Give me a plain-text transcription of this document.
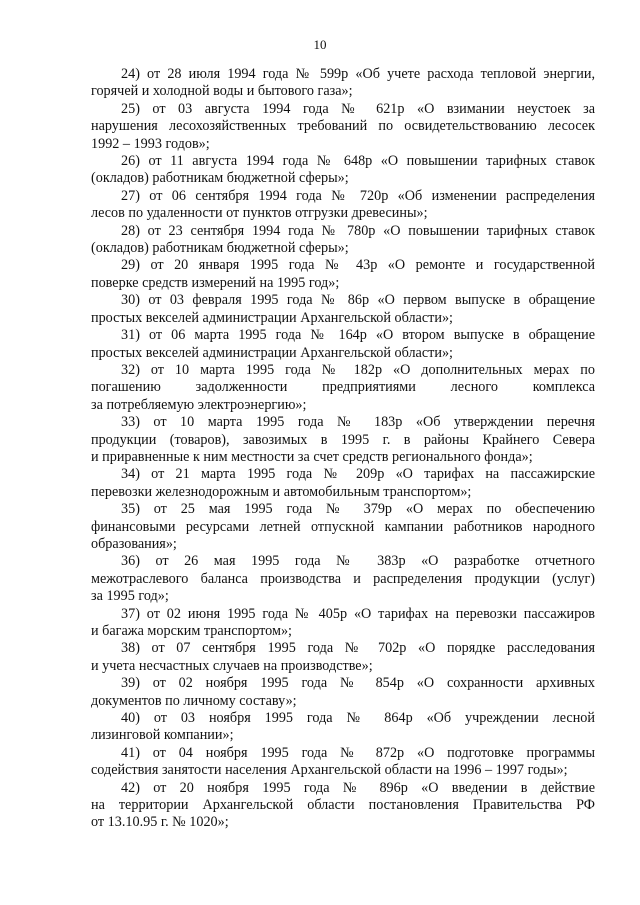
10
24) от 28 июля 1994 года № 599р «Об учете расхода тепловой энергии,
горячей и холодной воды и бытового газа»;
25) от 03 августа 1994 года № 621р «О взимании неустоек за
нарушения лесохозяйственных требований по освидетельствованию лесосек
1992 – 1993 годов»;
26) от 11 августа 1994 года № 648р «О повышении тарифных ставок
(окладов) работникам бюджетной сферы»;
27) от 06 сентября 1994 года № 720р «Об изменении распределения
лесов по удаленности от пунктов отгрузки древесины»;
28) от 23 сентября 1994 года № 780р «О повышении тарифных ставок
(окладов) работникам бюджетной сферы»;
29) от 20 января 1995 года № 43р «О ремонте и государственной
поверке средств измерений на 1995 год»;
30) от 03 февраля 1995 года № 86р «О первом выпуске в обращение
простых векселей администрации Архангельской области»;
31) от 06 марта 1995 года № 164р «О втором выпуске в обращение
простых векселей администрации Архангельской области»;
32) от 10 марта 1995 года № 182р «О дополнительных мерах по
погашению задолженности предприятиями лесного комплекса
за потребляемую электроэнергию»;
33) от 10 марта 1995 года № 183р «Об утверждении перечня
продукции (товаров), завозимых в 1995 г. в районы Крайнего Севера
и приравненные к ним местности за счет средств регионального фонда»;
34) от 21 марта 1995 года № 209р «О тарифах на пассажирские
перевозки железнодорожным и автомобильным транспортом»;
35) от 25 мая 1995 года № 379р «О мерах по обеспечению
финансовыми ресурсами летней отпускной кампании работников народного
образования»;
36) от 26 мая 1995 года № 383р «О разработке отчетного
межотраслевого баланса производства и распределения продукции (услуг)
за 1995 год»;
37) от 02 июня 1995 года № 405р «О тарифах на перевозки пассажиров
и багажа морским транспортом»;
38) от 07 сентября 1995 года № 702р «О порядке расследования
и учета несчастных случаев на производстве»;
39) от 02 ноября 1995 года № 854р «О сохранности архивных
документов по личному составу»;
40) от 03 ноября 1995 года № 864р «Об учреждении лесной
лизинговой компании»;
41) от 04 ноября 1995 года № 872р «О подготовке программы
содействия занятости населения Архангельской области на 1996 – 1997 годы»;
42) от 20 ноября 1995 года № 896р «О введении в действие
на территории Архангельской области постановления Правительства РФ
от 13.10.95 г. № 1020»;
